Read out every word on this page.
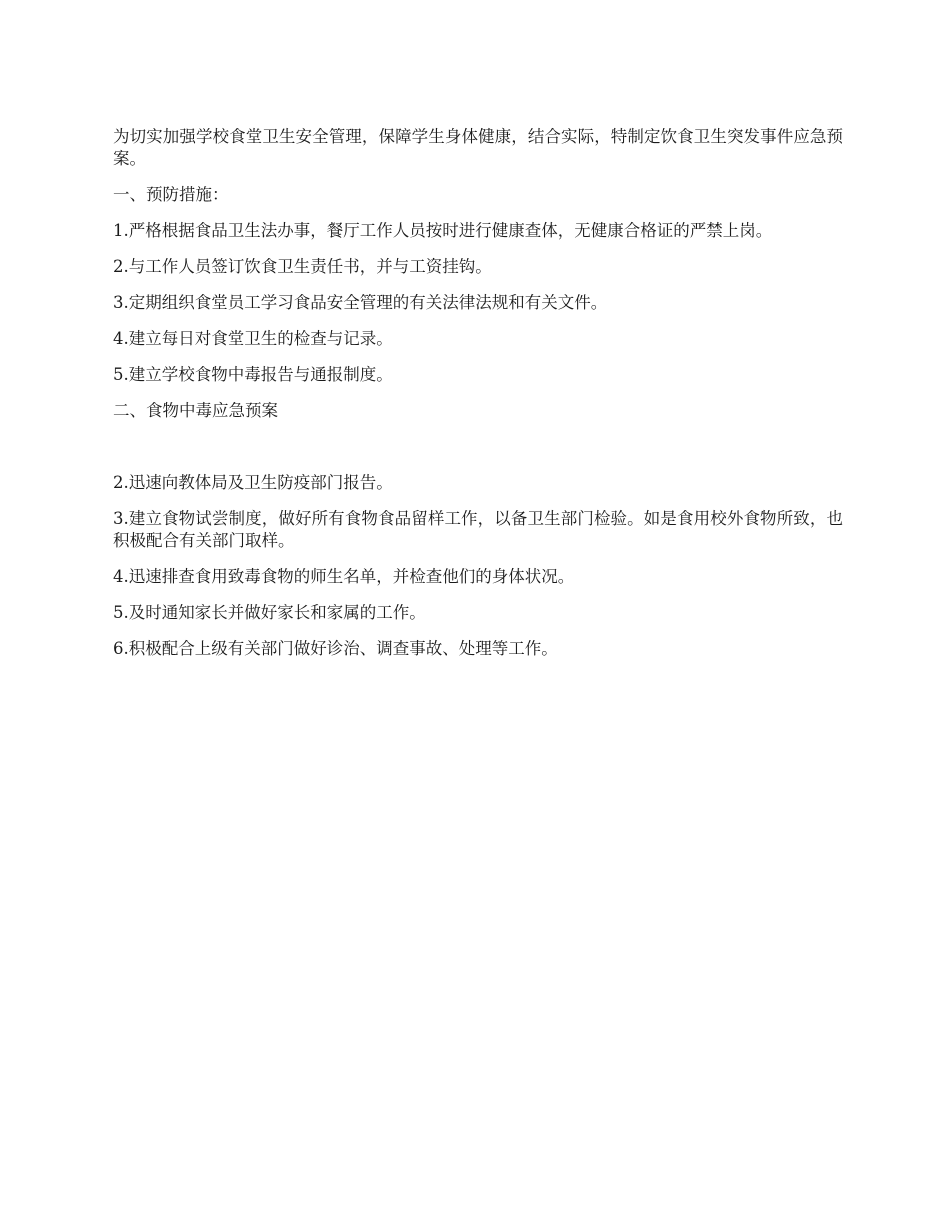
为切实加强学校食堂卫生安全管理，保障学生身体健康，结合实际，特制定饮食卫生突发事件应急预案。

一、预防措施：

1.严格根据食品卫生法办事，餐厅工作人员按时进行健康查体，无健康合格证的严禁上岗。

2.与工作人员签订饮食卫生责任书，并与工资挂钩。

3.定期组织食堂员工学习食品安全管理的有关法律法规和有关文件。

4.建立每日对食堂卫生的检查与记录。

5.建立学校食物中毒报告与通报制度。

二、食物中毒应急预案

2.迅速向教体局及卫生防疫部门报告。

3.建立食物试尝制度，做好所有食物食品留样工作，以备卫生部门检验。如是食用校外食物所致，也积极配合有关部门取样。

4.迅速排查食用致毒食物的师生名单，并检查他们的身体状况。

5.及时通知家长并做好家长和家属的工作。

6.积极配合上级有关部门做好诊治、调查事故、处理等工作。
